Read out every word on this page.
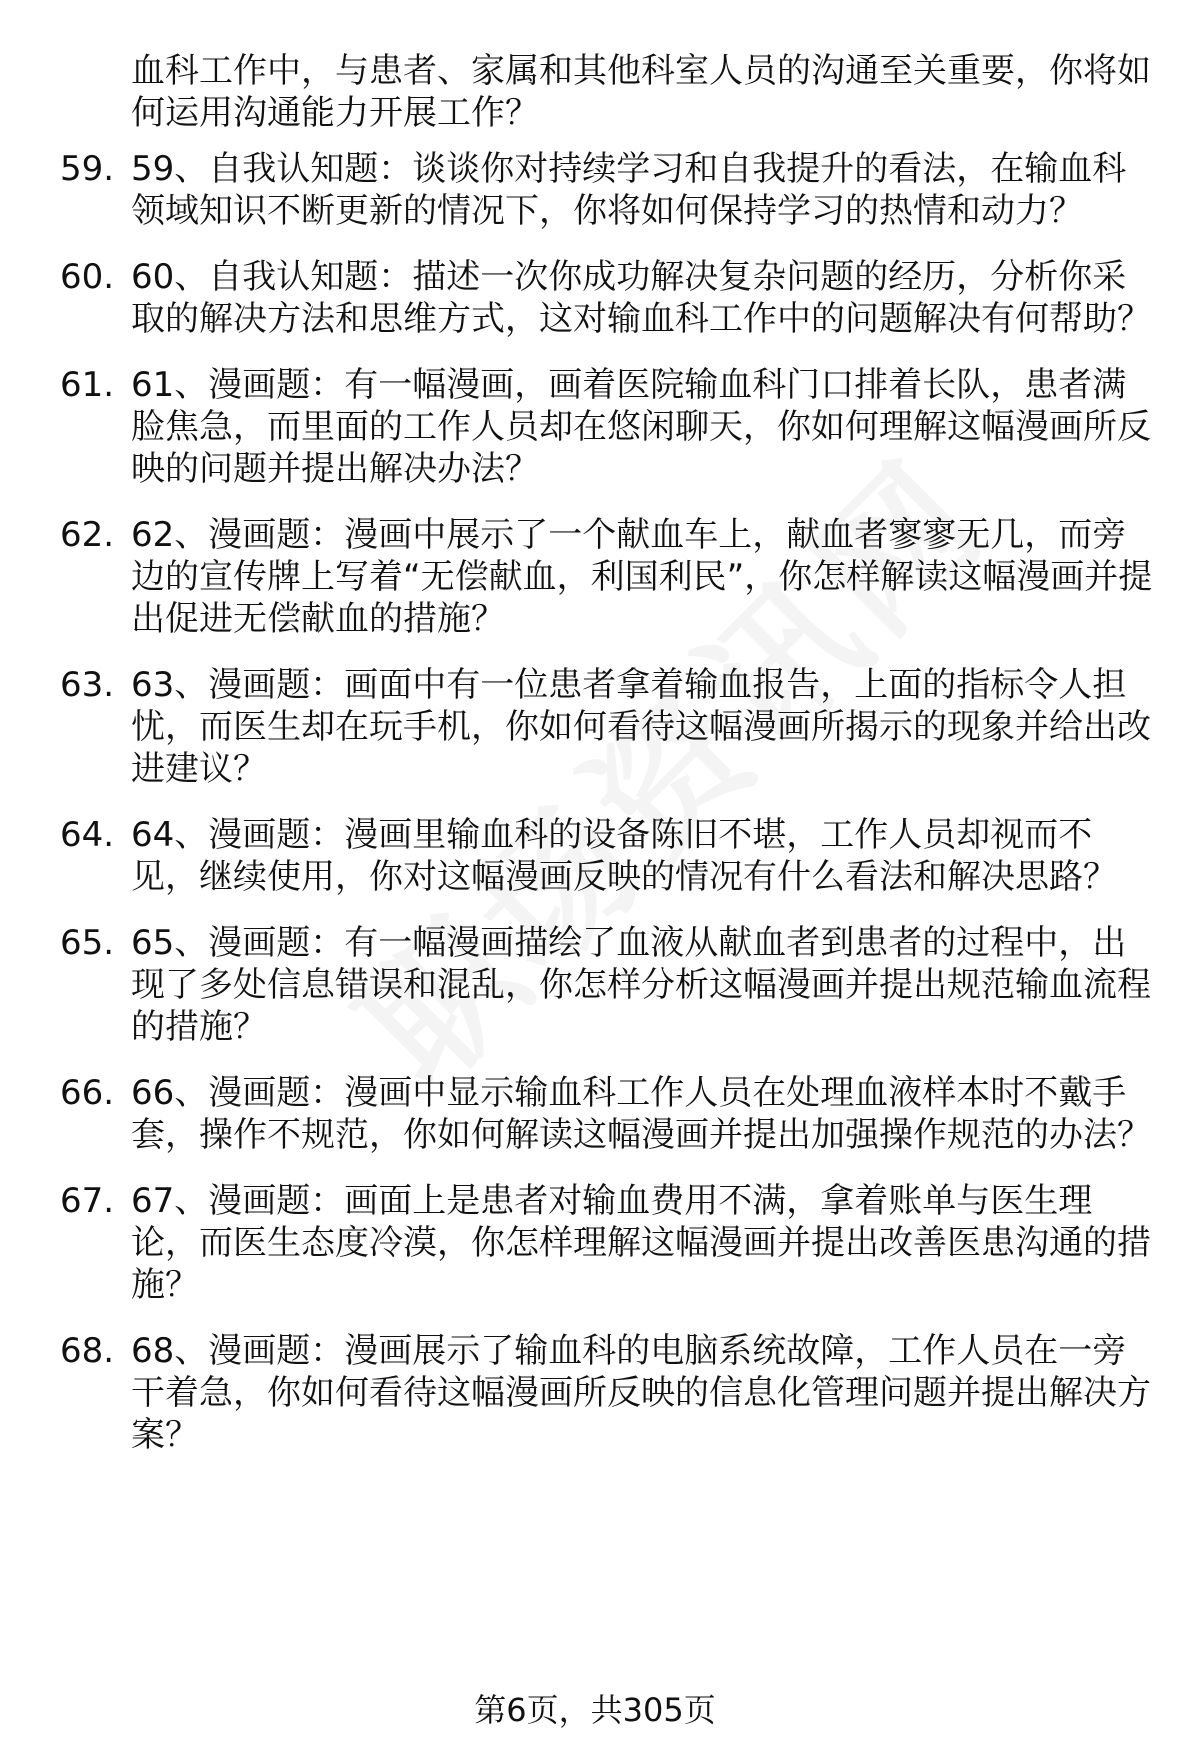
血科工作中，与患者、家属和其他科室人员的沟通至关重要，你将如何运用沟通能力开展工作？
59. 59、自我认知题：谈谈你对持续学习和自我提升的看法，在输血科领域知识不断更新的情况下，你将如何保持学习的热情和动力？
60. 60、自我认知题：描述一次你成功解决复杂问题的经历，分析你采取的解决方法和思维方式，这对输血科工作中的问题解决有何帮助？
61. 61、漫画题：有一幅漫画，画着医院输血科门口排着长队，患者满脸焦急，而里面的工作人员却在悠闲聊天，你如何理解这幅漫画所反映的问题并提出解决办法？
62. 62、漫画题：漫画中展示了一个献血车上，献血者寥寥无几，而旁边的宣传牌上写着“无偿献血，利国利民”，你怎样解读这幅漫画并提出促进无偿献血的措施？
63. 63、漫画题：画面中有一位患者拿着输血报告，上面的指标令人担忧，而医生却在玩手机，你如何看待这幅漫画所揭示的现象并给出改进建议？
64. 64、漫画题：漫画里输血科的设备陈旧不堪，工作人员却视而不见，继续使用，你对这幅漫画反映的情况有什么看法和解决思路？
65. 65、漫画题：有一幅漫画描绘了血液从献血者到患者的过程中，出现了多处信息错误和混乱，你怎样分析这幅漫画并提出规范输血流程的措施？
66. 66、漫画题：漫画中显示输血科工作人员在处理血液样本时不戴手套，操作不规范，你如何解读这幅漫画并提出加强操作规范的办法？
67. 67、漫画题：画面上是患者对输血费用不满，拿着账单与医生理论，而医生态度冷漠，你怎样理解这幅漫画并提出改善医患沟通的措施？
68. 68、漫画题：漫画展示了输血科的电脑系统故障，工作人员在一旁干着急，你如何看待这幅漫画所反映的信息化管理问题并提出解决方案？
第6页，共305页
